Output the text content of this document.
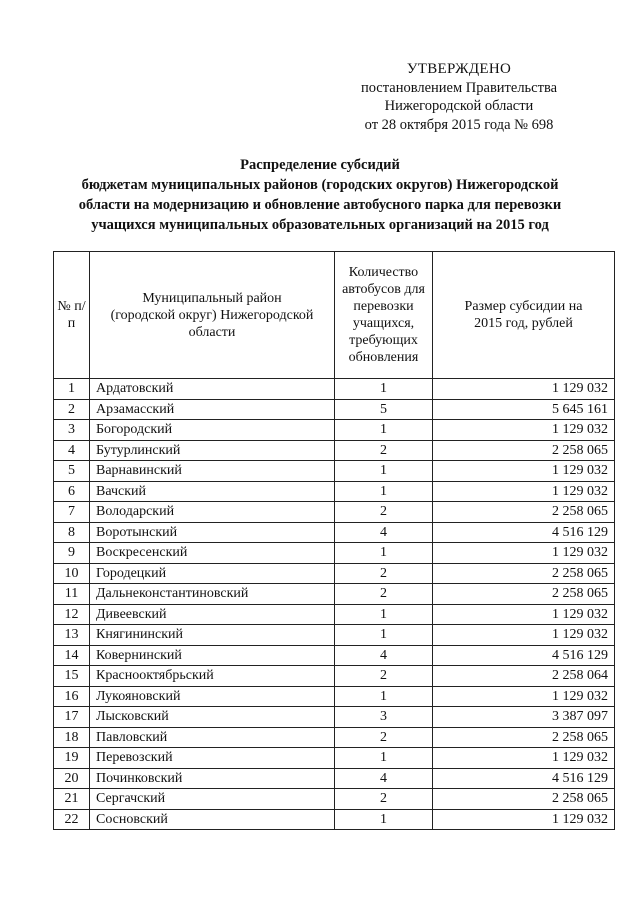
УТВЕРЖДЕНО
постановлением Правительства
Нижегородской области
от 28 октября 2015 года № 698
Распределение субсидий
бюджетам муниципальных районов (городских округов) Нижегородской
области на модернизацию и обновление автобусного парка для перевозки
учащихся муниципальных образовательных организаций на 2015 год
№ п/п	Муниципальный район (городской округ) Нижегородской области	Количество автобусов для перевозки учащихся, требующих обновления	Размер субсидии на 2015 год, рублей
1	Ардатовский	1	1 129 032
2	Арзамасский	5	5 645 161
3	Богородский	1	1 129 032
4	Бутурлинский	2	2 258 065
5	Варнавинский	1	1 129 032
6	Вачский	1	1 129 032
7	Володарский	2	2 258 065
8	Воротынский	4	4 516 129
9	Воскресенский	1	1 129 032
10	Городецкий	2	2 258 065
11	Дальнеконстантиновский	2	2 258 065
12	Дивеевский	1	1 129 032
13	Княгининский	1	1 129 032
14	Ковернинский	4	4 516 129
15	Краснооктябрьский	2	2 258 064
16	Лукояновский	1	1 129 032
17	Лысковский	3	3 387 097
18	Павловский	2	2 258 065
19	Перевозский	1	1 129 032
20	Починковский	4	4 516 129
21	Сергачский	2	2 258 065
22	Сосновский	1	1 129 032
